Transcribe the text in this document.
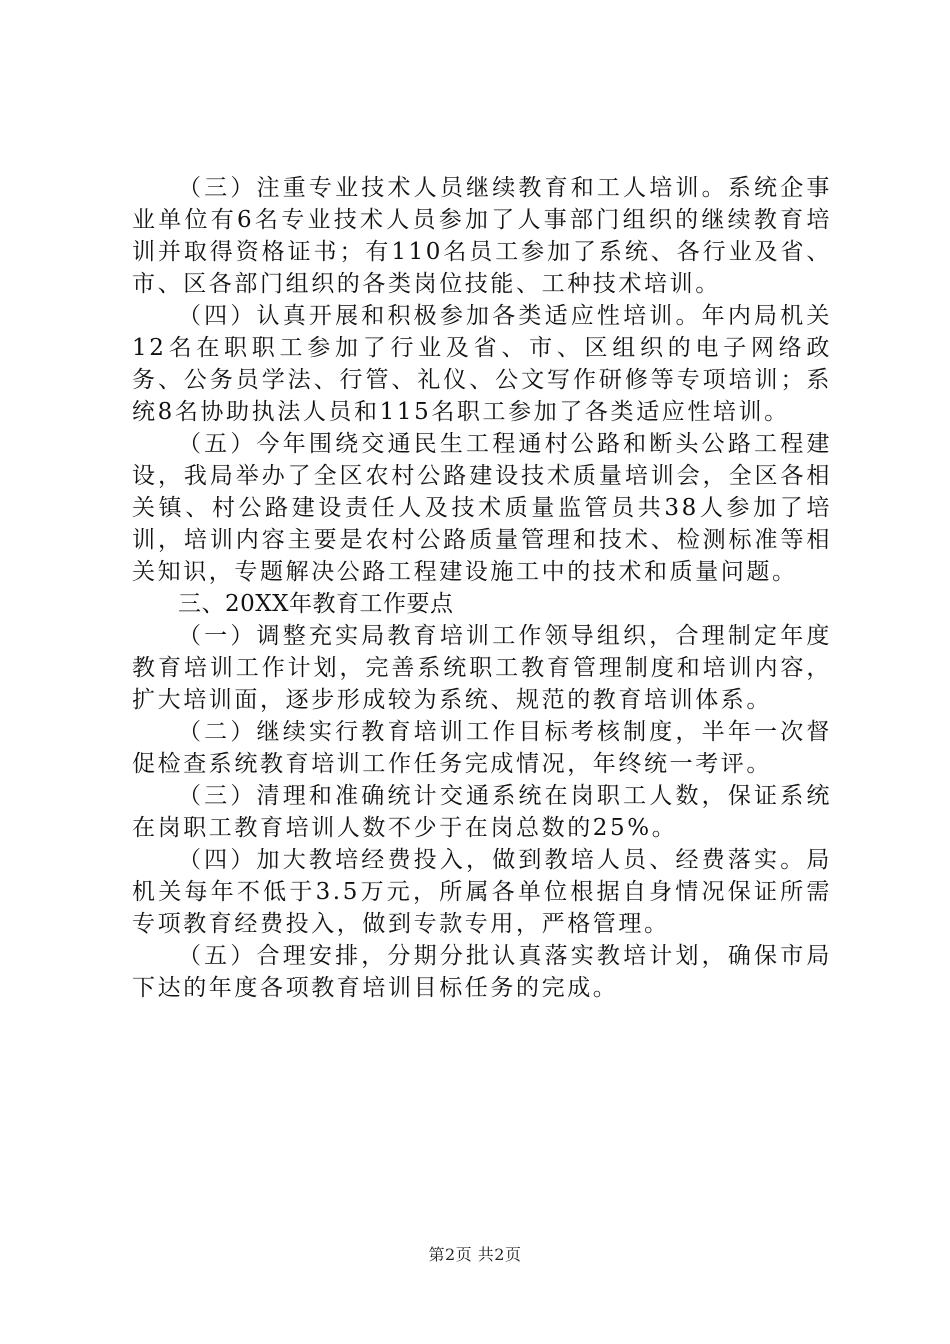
（三）注重专业技术人员继续教育和工人培训。系统企事业单位有6名专业技术人员参加了人事部门组织的继续教育培训并取得资格证书；有110名员工参加了系统、各行业及省、市、区各部门组织的各类岗位技能、工种技术培训。

（四）认真开展和积极参加各类适应性培训。年内局机关12名在职职工参加了行业及省、市、区组织的电子网络政务、公务员学法、行管、礼仪、公文写作研修等专项培训；系统8名协助执法人员和115名职工参加了各类适应性培训。

（五）今年围绕交通民生工程通村公路和断头公路工程建设，我局举办了全区农村公路建设技术质量培训会，全区各相关镇、村公路建设责任人及技术质量监管员共38人参加了培训，培训内容主要是农村公路质量管理和技术、检测标准等相关知识，专题解决公路工程建设施工中的技术和质量问题。

三、20XX年教育工作要点

（一）调整充实局教育培训工作领导组织，合理制定年度教育培训工作计划，完善系统职工教育管理制度和培训内容，扩大培训面，逐步形成较为系统、规范的教育培训体系。

（二）继续实行教育培训工作目标考核制度，半年一次督促检查系统教育培训工作任务完成情况，年终统一考评。

（三）清理和准确统计交通系统在岗职工人数，保证系统在岗职工教育培训人数不少于在岗总数的25%。

（四）加大教培经费投入，做到教培人员、经费落实。局机关每年不低于3.5万元，所属各单位根据自身情况保证所需专项教育经费投入，做到专款专用，严格管理。

（五）合理安排，分期分批认真落实教培计划，确保市局下达的年度各项教育培训目标任务的完成。

第2页 共2页
